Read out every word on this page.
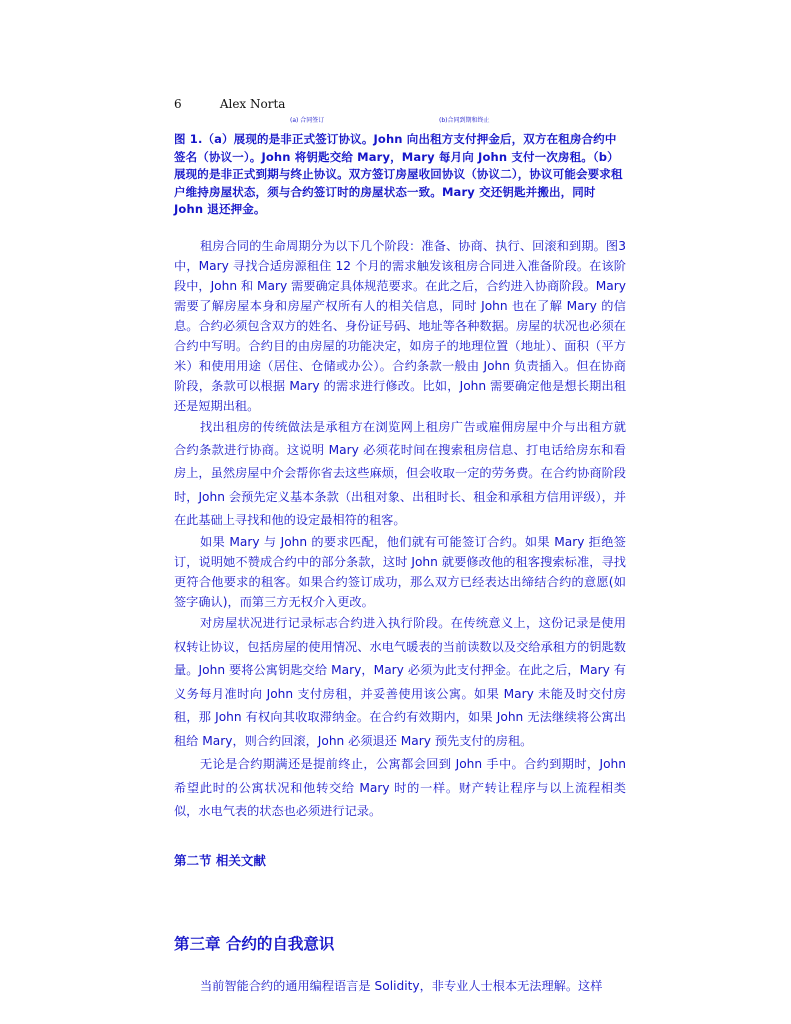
6	Alex Norta
(a) 合同签订	(b)合同到期和终止
图 1.（a）展现的是非正式签订协议。John 向出租方支付押金后，双方在租房合约中签名（协议一）。John 将钥匙交给 Mary，Mary 每月向 John 支付一次房租。（b）展现的是非正式到期与终止协议。双方签订房屋收回协议（协议二），协议可能会要求租户维持房屋状态，须与合约签订时的房屋状态一致。Mary 交还钥匙并搬出，同时 John 退还押金。

租房合同的生命周期分为以下几个阶段：准备、协商、执行、回滚和到期。图3 中，Mary 寻找合适房源租住 12 个月的需求触发该租房合同进入准备阶段。在该阶段中，John 和 Mary 需要确定具体规范要求。在此之后，合约进入协商阶段。Mary 需要了解房屋本身和房屋产权所有人的相关信息，同时 John 也在了解 Mary 的信息。合约必须包含双方的姓名、身份证号码、地址等各种数据。房屋的状况也必须在合约中写明。合约目的由房屋的功能决定，如房子的地理位置（地址）、面积（平方米）和使用用途（居住、仓储或办公）。合约条款一般由 John 负责插入。但在协商阶段，条款可以根据 Mary 的需求进行修改。比如，John 需要确定他是想长期出租还是短期出租。

找出租房的传统做法是承租方在浏览网上租房广告或雇佣房屋中介与出租方就合约条款进行协商。这说明 Mary 必须花时间在搜索租房信息、打电话给房东和看房上，虽然房屋中介会帮你省去这些麻烦，但会收取一定的劳务费。在合约协商阶段时，John 会预先定义基本条款（出租对象、出租时长、租金和承租方信用评级），并在此基础上寻找和他的设定最相符的租客。

如果 Mary 与 John 的要求匹配，他们就有可能签订合约。如果 Mary 拒绝签订，说明她不赞成合约中的部分条款，这时 John 就要修改他的租客搜索标准，寻找更符合他要求的租客。如果合约签订成功，那么双方已经表达出缔结合约的意愿(如签字确认)，而第三方无权介入更改。

对房屋状况进行记录标志合约进入执行阶段。在传统意义上，这份记录是使用权转让协议，包括房屋的使用情况、水电气暖表的当前读数以及交给承租方的钥匙数量。John 要将公寓钥匙交给 Mary，Mary 必须为此支付押金。在此之后，Mary 有义务每月准时向 John 支付房租，并妥善使用该公寓。如果 Mary 未能及时交付房租，那 John 有权向其收取滞纳金。在合约有效期内，如果 John 无法继续将公寓出租给 Mary，则合约回滚，John 必须退还 Mary 预先支付的房租。

无论是合约期满还是提前终止，公寓都会回到 John 手中。合约到期时，John 希望此时的公寓状况和他转交给 Mary 时的一样。财产转让程序与以上流程相类似，水电气表的状态也必须进行记录。

第二节 相关文献
第三章 合约的自我意识

当前智能合约的通用编程语言是 Solidity，非专业人士根本无法理解。这样
